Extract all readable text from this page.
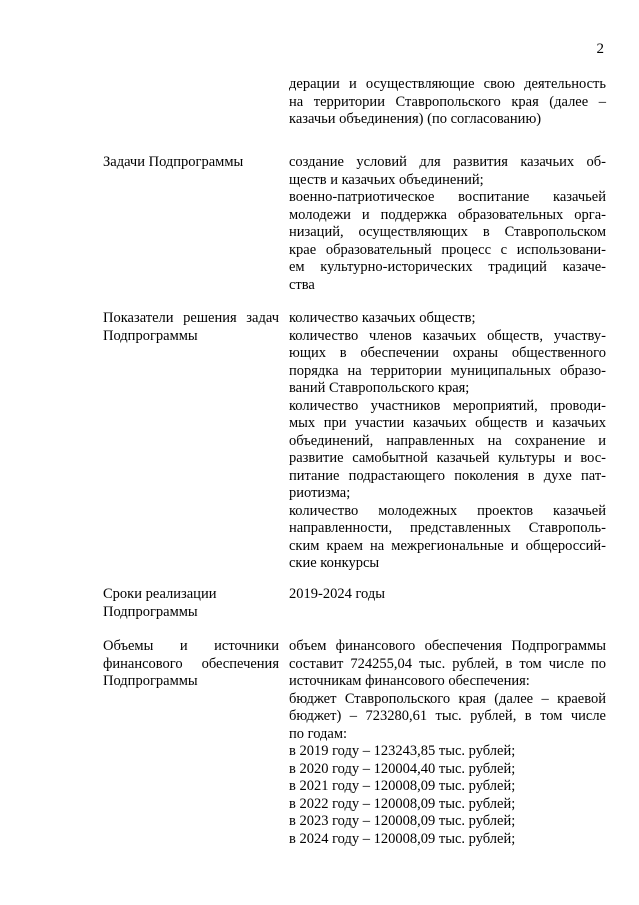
2
дерации и осуществляющие свою деятельность
на территории Ставропольского края (далее –
казачьи объединения) (по согласованию)
Задачи Подпрограммы	создание условий для развития казачьих об-
ществ и казачьих объединений;
военно-патриотическое воспитание казачьей
молодежи и поддержка образовательных орга-
низаций, осуществляющих в Ставропольском
крае образовательный процесс с использовани-
ем культурно-исторических традиций казаче-
ства
Показатели решения задач
Подпрограммы
количество казачьих обществ;
количество членов казачьих обществ, участву-
ющих в обеспечении охраны общественного
порядка на территории муниципальных образо-
ваний Ставропольского края;
количество участников мероприятий, проводи-
мых при участии казачьих обществ и казачьих
объединений, направленных на сохранение и
развитие самобытной казачьей культуры и вос-
питание подрастающего поколения в духе пат-
риотизма;
количество молодежных проектов казачьей
направленности, представленных Ставрополь-
ским краем на межрегиональные и общероссий-
ские конкурсы
Сроки реализации
Подпрограммы
2019-2024 годы
Объемы и источники
финансового обеспечения
Подпрограммы
объем финансового обеспечения Подпрограммы
составит 724255,04 тыс. рублей, в том числе по
источникам финансового обеспечения:
бюджет Ставропольского края (далее – краевой
бюджет) – 723280,61 тыс. рублей, в том числе
по годам:
в 2019 году – 123243,85 тыс. рублей;
в 2020 году – 120004,40 тыс. рублей;
в 2021 году – 120008,09 тыс. рублей;
в 2022 году – 120008,09 тыс. рублей;
в 2023 году – 120008,09 тыс. рублей;
в 2024 году – 120008,09 тыс. рублей;
